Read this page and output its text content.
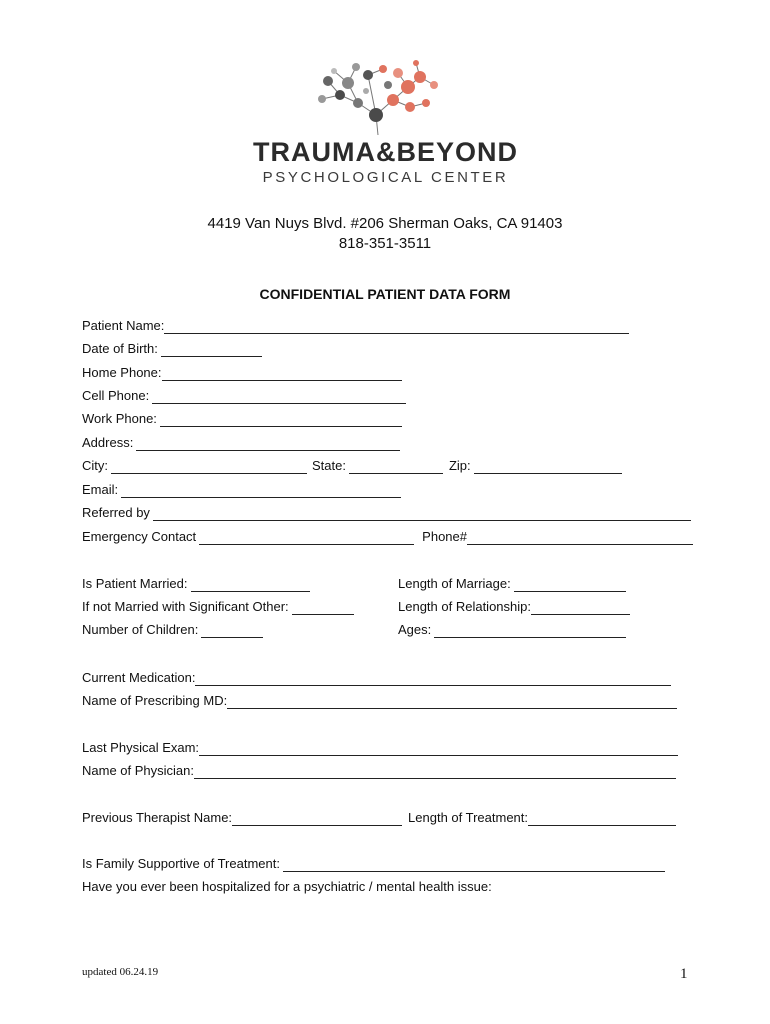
TRAUMA&BEYOND
PSYCHOLOGICAL CENTER
4419 Van Nuys Blvd. #206 Sherman Oaks, CA 91403
818-351-3511
CONFIDENTIAL PATIENT DATA FORM
Patient Name:
Date of Birth:
Home Phone:
Cell Phone:
Work Phone:
Address:
City:	State:	Zip:
Email:
Referred by
Emergency Contact	Phone#
Is Patient Married:	Length of Marriage:
If not Married with Significant Other:	Length of Relationship:
Number of Children:	Ages:
Current Medication:
Name of Prescribing MD:
Last Physical Exam:
Name of Physician:
Previous Therapist Name:	Length of Treatment:
Is Family Supportive of Treatment:
Have you ever been hospitalized for a psychiatric / mental health issue:
updated 06.24.19	1
